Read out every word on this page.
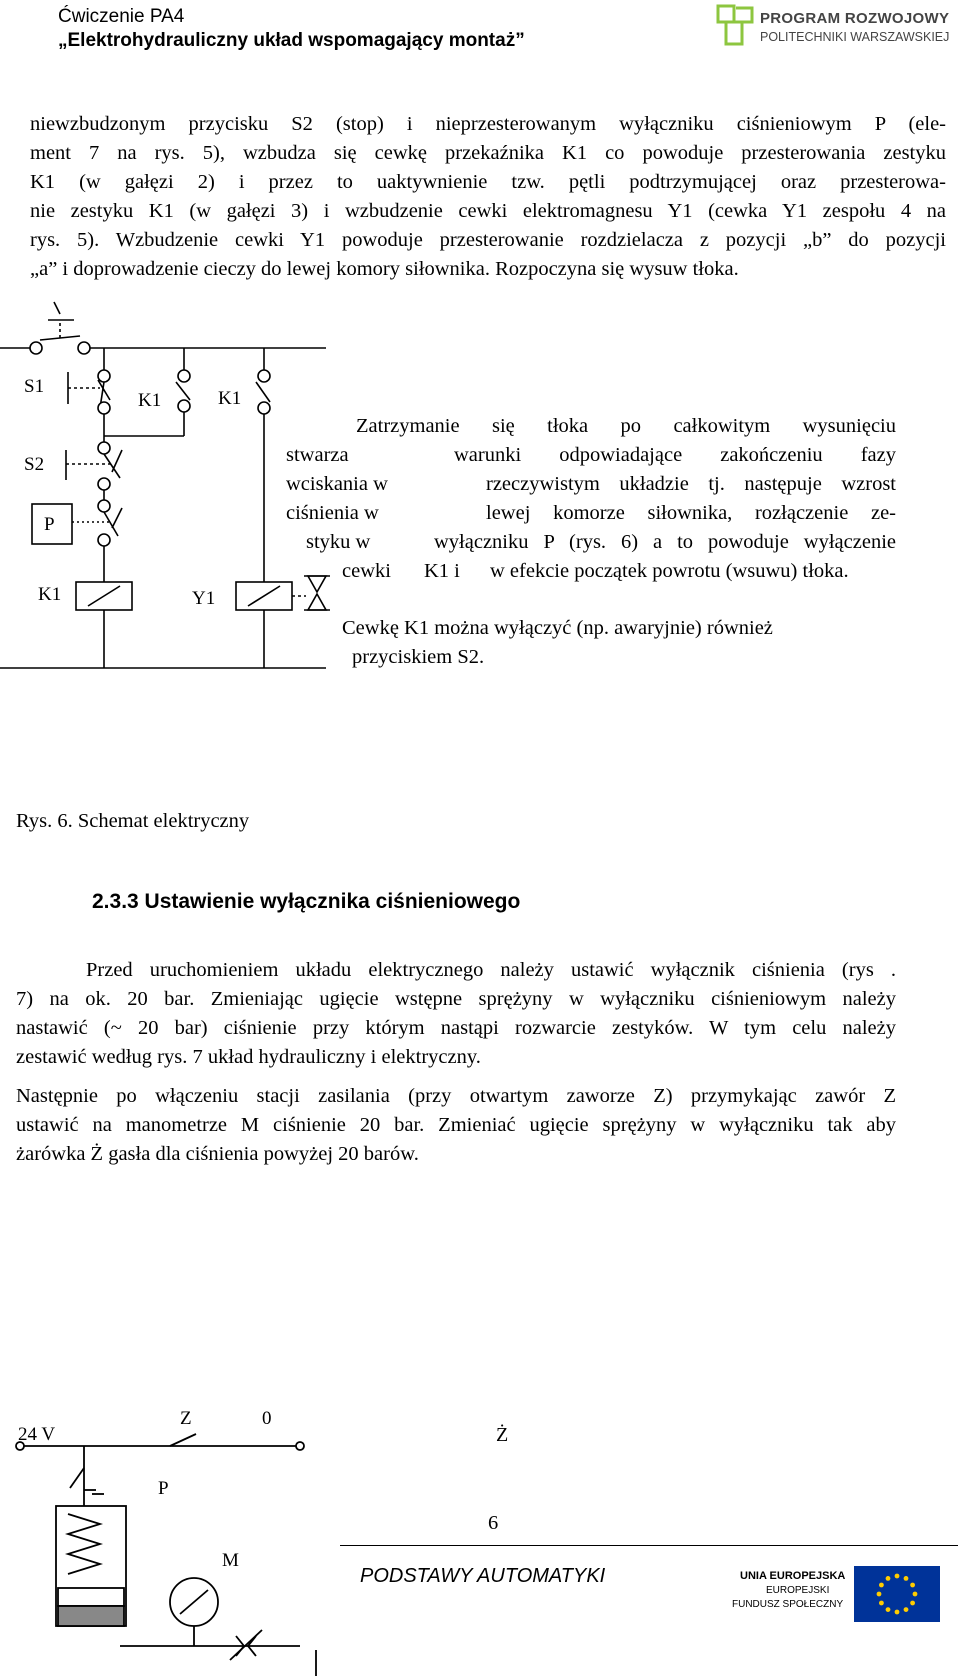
Ćwiczenie PA4
„Elektrohydrauliczny układ wspomagający montaż”
PROGRAM ROZWOJOWY
POLITECHNIKI WARSZAWSKIEJ
niewzbudzonym przycisku S2 (stop) i nieprzesterowanym wyłączniku ciśnieniowym P (ele-
ment 7 na rys. 5), wzbudza się cewkę przekaźnika K1 co powoduje przesterowania zestyku
K1 (w gałęzi 2) i przez to uaktywnienie tzw. pętli podtrzymującej oraz przesterowa-
nie zestyku K1 (w gałęzi 3) i wzbudzenie cewki elektromagnesu Y1 (cewka Y1 zespołu 4 na
rys. 5). Wzbudzenie cewki Y1 powoduje przesterowanie rozdzielacza z pozycji „b” do pozycji
„a” i doprowadzenie cieczy do lewej komory siłownika. Rozpoczyna się wysuw tłoka.
S1
K1	K1
S2
P
K1	Y1
Zatrzymanie się tłoka po całkowitym wysunięciu
stwarza	warunki odpowiadające zakończeniu fazy
wciskania w	rzeczywistym układzie tj. następuje wzrost
ciśnienia w	lewej komorze siłownika, rozłączenie ze-
styku w	wyłączniku P (rys. 6) a to powoduje wyłączenie
cewki K1 i w efekcie początek powrotu (wsuwu) tłoka.
Cewkę K1 można wyłączyć (np. awaryjnie) również
przyciskiem S2.
Rys. 6. Schemat elektryczny
2.3.3 Ustawienie wyłącznika ciśnieniowego
Przed uruchomieniem układu elektrycznego należy ustawić wyłącznik ciśnienia (rys .
7) na ok. 20 bar. Zmieniając ugięcie wstępne sprężyny w wyłączniku ciśnieniowym należy
nastawić (~ 20 bar) ciśnienie przy którym nastąpi rozwarcie zestyków. W tym celu należy
zestawić według rys. 7 układ hydrauliczny i elektryczny.
Następnie po włączeniu stacji zasilania (przy otwartym zaworze Z) przymykając zawór Z
ustawić na manometrze M ciśnienie 20 bar. Zmieniać ugięcie sprężyny w wyłączniku tak aby
żarówka Ż gasła dla ciśnienia powyżej 20 barów.
24 V
Z	0
P
M
Ż
6
PODSTAWY AUTOMATYKI	UNIA EUROPEJSKA
EUROPEJSKI
FUNDUSZ SPOŁECZNY
